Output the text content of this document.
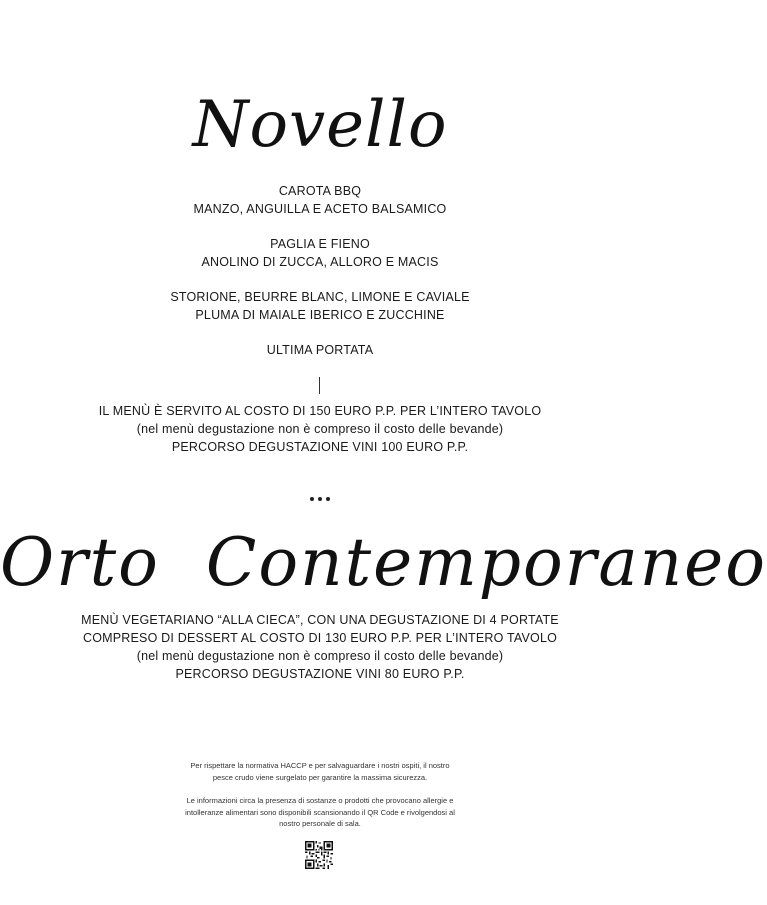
Novello
CAROTA BBQ
MANZO, ANGUILLA E ACETO BALSAMICO
PAGLIA E FIENO
ANOLINO DI ZUCCA, ALLORO E MACIS
STORIONE, BEURRE BLANC, LIMONE E CAVIALE
PLUMA DI MAIALE IBERICO E ZUCCHINE
ULTIMA PORTATA
IL MENÙ È SERVITO AL COSTO DI 150 EURO P.P. PER L’INTERO TAVOLO
(nel menù degustazione non è compreso il costo delle bevande)
PERCORSO DEGUSTAZIONE VINI 100 EURO P.P.
Orto  Contemporaneo
MENÙ VEGETARIANO “ALLA CIECA”, CON UNA DEGUSTAZIONE DI 4 PORTATE
COMPRESO DI DESSERT AL COSTO DI 130 EURO P.P. PER L’INTERO TAVOLO
(nel menù degustazione non è compreso il costo delle bevande)
PERCORSO DEGUSTAZIONE VINI 80 EURO P.P.
Per rispettare la normativa HACCP e per salvaguardare i nostri ospiti, il nostro
pesce crudo viene surgelato per garantire la massima sicurezza.
Le informazioni circa la presenza di sostanze o prodotti che provocano allergie e
intolleranze alimentari sono disponibili scansionando il QR Code e rivolgendosi al
nostro personale di sala.
